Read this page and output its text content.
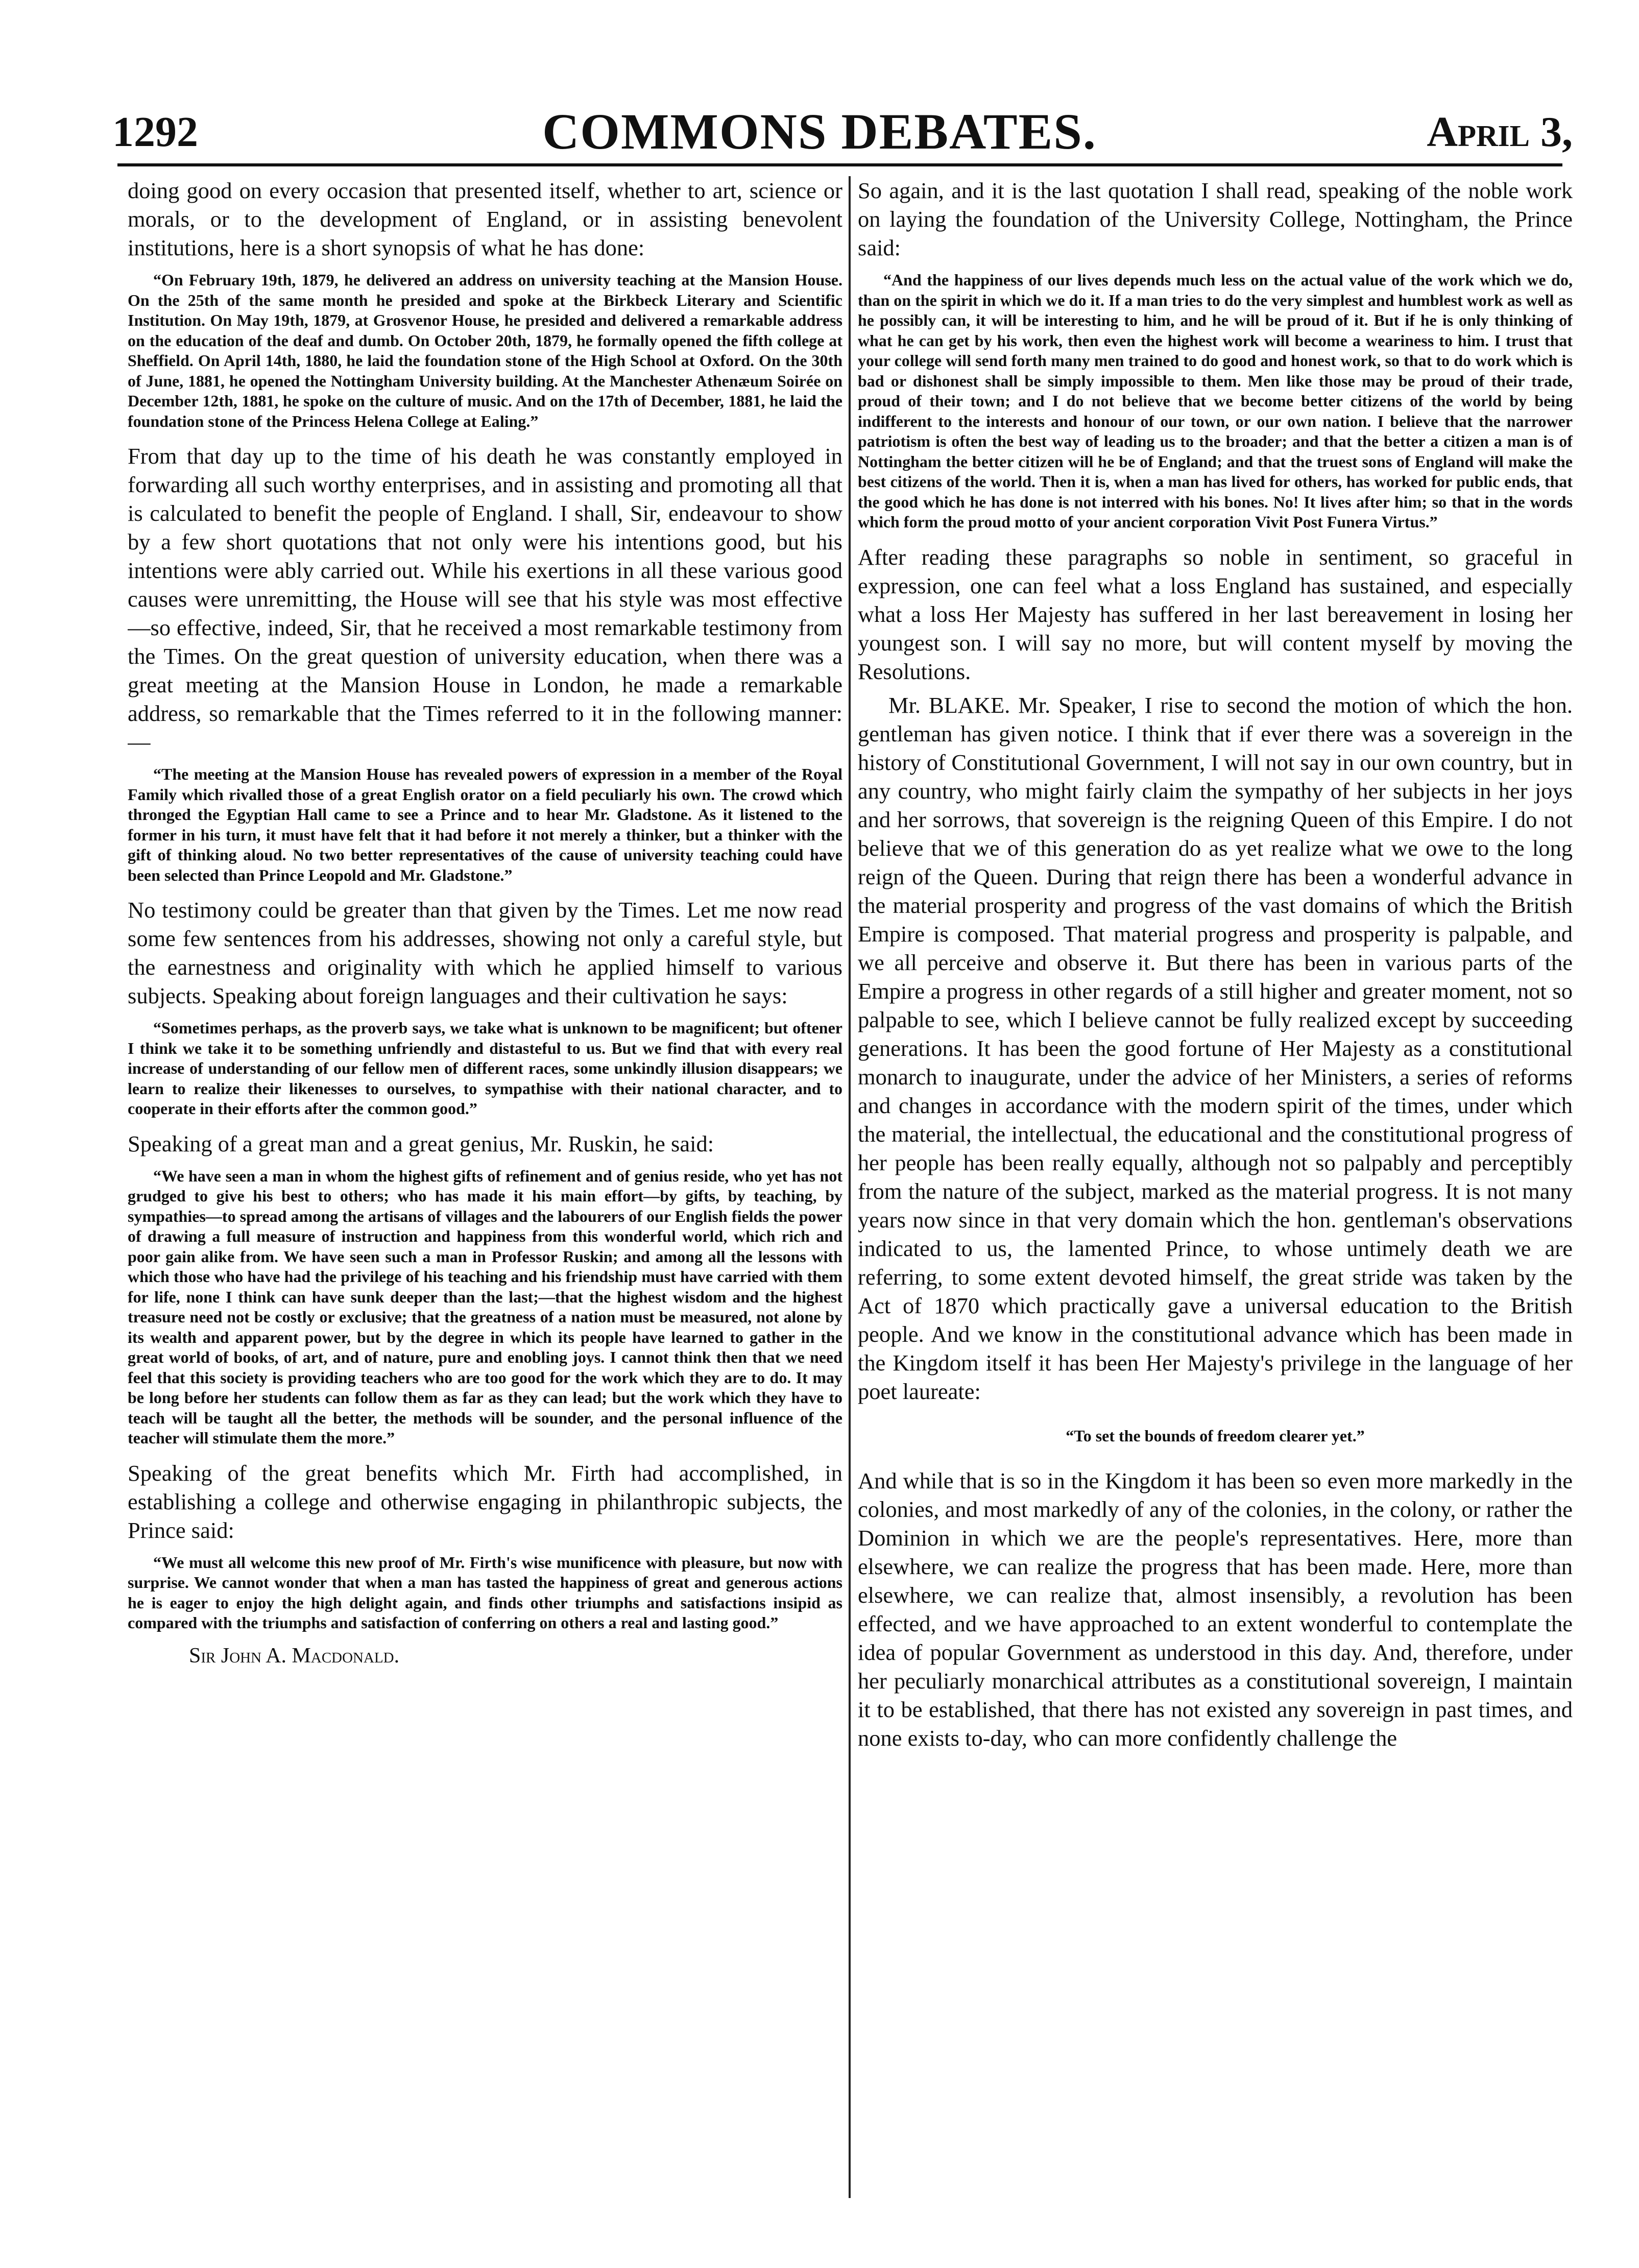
1292	COMMONS DEBATES.	April 3,

doing good on every occasion that presented itself, whether to art, science or morals, or to the development of England, or in assisting benevolent institutions, here is a short synopsis of what he has done:

“On February 19th, 1879, he delivered an address on university teaching at the Mansion House. On the 25th of the same month he presided and spoke at the Birkbeck Literary and Scientific Institution. On May 19th, 1879, at Grosvenor House, he presided and delivered a remarkable address on the education of the deaf and dumb. On October 20th, 1879, he formally opened the fifth college at Sheffield. On April 14th, 1880, he laid the foundation stone of the High School at Oxford. On the 30th of June, 1881, he opened the Nottingham University building. At the Manchester Athenæum Soirée on December 12th, 1881, he spoke on the culture of music. And on the 17th of December, 1881, he laid the foundation stone of the Princess Helena College at Ealing.”

From that day up to the time of his death he was constantly employed in forwarding all such worthy enterprises, and in assisting and promoting all that is calculated to benefit the people of England. I shall, Sir, endeavour to show by a few short quotations that not only were his intentions good, but his intentions were ably carried out. While his exertions in all these various good causes were unremitting, the House will see that his style was most effective—so effective, indeed, Sir, that he received a most remarkable testimony from the Times. On the great question of university education, when there was a great meeting at the Mansion House in London, he made a remarkable address, so remarkable that the Times referred to it in the following manner:—

“The meeting at the Mansion House has revealed powers of expression in a member of the Royal Family which rivalled those of a great English orator on a field peculiarly his own. The crowd which thronged the Egyptian Hall came to see a Prince and to hear Mr. Gladstone. As it listened to the former in his turn, it must have felt that it had before it not merely a thinker, but a thinker with the gift of thinking aloud. No two better representatives of the cause of university teaching could have been selected than Prince Leopold and Mr. Gladstone.”

No testimony could be greater than that given by the Times. Let me now read some few sentences from his addresses, showing not only a careful style, but the earnestness and originality with which he applied himself to various subjects. Speaking about foreign languages and their cultivation he says:

“Sometimes perhaps, as the proverb says, we take what is unknown to be magnificent; but oftener I think we take it to be something unfriendly and distasteful to us. But we find that with every real increase of understanding of our fellow men of different races, some unkindly illusion disappears; we learn to realize their likenesses to ourselves, to sympathise with their national character, and to cooperate in their efforts after the common good.”

Speaking of a great man and a great genius, Mr. Ruskin, he said:

“We have seen a man in whom the highest gifts of refinement and of genius reside, who yet has not grudged to give his best to others; who has made it his main effort—by gifts, by teaching, by sympathies—to spread among the artisans of villages and the labourers of our English fields the power of drawing a full measure of instruction and happiness from this wonderful world, which rich and poor gain alike from. We have seen such a man in Professor Ruskin; and among all the lessons with which those who have had the privilege of his teaching and his friendship must have carried with them for life, none I think can have sunk deeper than the last;—that the highest wisdom and the highest treasure need not be costly or exclusive; that the greatness of a nation must be measured, not alone by its wealth and apparent power, but by the degree in which its people have learned to gather in the great world of books, of art, and of nature, pure and enobling joys. I cannot think then that we need feel that this society is providing teachers who are too good for the work which they are to do. It may be long before her students can follow them as far as they can lead; but the work which they have to teach will be taught all the better, the methods will be sounder, and the personal influence of the teacher will stimulate them the more.”

Speaking of the great benefits which Mr. Firth had accomplished, in establishing a college and otherwise engaging in philanthropic subjects, the Prince said:

“We must all welcome this new proof of Mr. Firth's wise munificence with pleasure, but now with surprise. We cannot wonder that when a man has tasted the happiness of great and generous actions he is eager to enjoy the high delight again, and finds other triumphs and satisfactions insipid as compared with the triumphs and satisfaction of conferring on others a real and lasting good.”

Sir John A. Macdonald.

So again, and it is the last quotation I shall read, speaking of the noble work on laying the foundation of the University College, Nottingham, the Prince said:

“And the happiness of our lives depends much less on the actual value of the work which we do, than on the spirit in which we do it. If a man tries to do the very simplest and humblest work as well as he possibly can, it will be interesting to him, and he will be proud of it. But if he is only thinking of what he can get by his work, then even the highest work will become a weariness to him. I trust that your college will send forth many men trained to do good and honest work, so that to do work which is bad or dishonest shall be simply impossible to them. Men like those may be proud of their trade, proud of their town; and I do not believe that we become better citizens of the world by being indifferent to the interests and honour of our town, or our own nation. I believe that the narrower patriotism is often the best way of leading us to the broader; and that the better a citizen a man is of Nottingham the better citizen will he be of England; and that the truest sons of England will make the best citizens of the world. Then it is, when a man has lived for others, has worked for public ends, that the good which he has done is not interred with his bones. No! It lives after him; so that in the words which form the proud motto of your ancient corporation Vivit Post Funera Virtus.”

After reading these paragraphs so noble in sentiment, so graceful in expression, one can feel what a loss England has sustained, and especially what a loss Her Majesty has suffered in her last bereavement in losing her youngest son. I will say no more, but will content myself by moving the Resolutions.

Mr. BLAKE. Mr. Speaker, I rise to second the motion of which the hon. gentleman has given notice. I think that if ever there was a sovereign in the history of Constitutional Government, I will not say in our own country, but in any country, who might fairly claim the sympathy of her subjects in her joys and her sorrows, that sovereign is the reigning Queen of this Empire. I do not believe that we of this generation do as yet realize what we owe to the long reign of the Queen. During that reign there has been a wonderful advance in the material prosperity and progress of the vast domains of which the British Empire is composed. That material progress and prosperity is palpable, and we all perceive and observe it. But there has been in various parts of the Empire a progress in other regards of a still higher and greater moment, not so palpable to see, which I believe cannot be fully realized except by succeeding generations. It has been the good fortune of Her Majesty as a constitutional monarch to inaugurate, under the advice of her Ministers, a series of reforms and changes in accordance with the modern spirit of the times, under which the material, the intellectual, the educational and the constitutional progress of her people has been really equally, although not so palpably and perceptibly from the nature of the subject, marked as the material progress. It is not many years now since in that very domain which the hon. gentleman's observations indicated to us, the lamented Prince, to whose untimely death we are referring, to some extent devoted himself, the great stride was taken by the Act of 1870 which practically gave a universal education to the British people. And we know in the constitutional advance which has been made in the Kingdom itself it has been Her Majesty's privilege in the language of her poet laureate:

“To set the bounds of freedom clearer yet.”

And while that is so in the Kingdom it has been so even more markedly in the colonies, and most markedly of any of the colonies, in the colony, or rather the Dominion in which we are the people's representatives. Here, more than elsewhere, we can realize the progress that has been made. Here, more than elsewhere, we can realize that, almost insensibly, a revolution has been effected, and we have approached to an extent wonderful to contemplate the idea of popular Government as understood in this day. And, therefore, under her peculiarly monarchical attributes as a constitutional sovereign, I maintain it to be established, that there has not existed any sovereign in past times, and none exists to-day, who can more confidently challenge the
